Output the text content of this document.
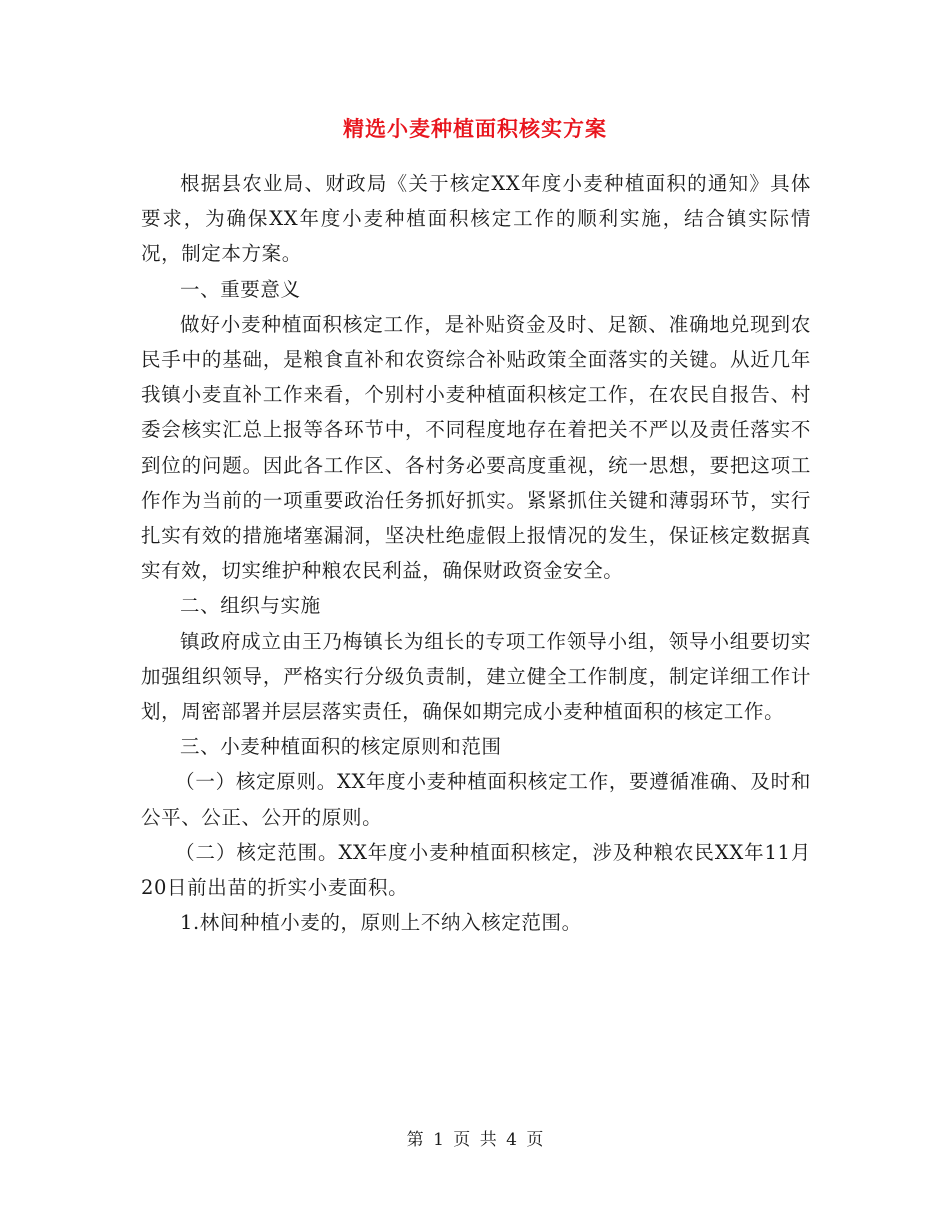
精选小麦种植面积核实方案

根据县农业局、财政局《关于核定XX年度小麦种植面积的通知》具体要求，为确保XX年度小麦种植面积核定工作的顺利实施，结合镇实际情况，制定本方案。

一、重要意义

做好小麦种植面积核定工作，是补贴资金及时、足额、准确地兑现到农民手中的基础，是粮食直补和农资综合补贴政策全面落实的关键。从近几年我镇小麦直补工作来看，个别村小麦种植面积核定工作，在农民自报告、村委会核实汇总上报等各环节中，不同程度地存在着把关不严以及责任落实不到位的问题。因此各工作区、各村务必要高度重视，统一思想，要把这项工作作为当前的一项重要政治任务抓好抓实。紧紧抓住关键和薄弱环节，实行扎实有效的措施堵塞漏洞，坚决杜绝虚假上报情况的发生，保证核定数据真实有效，切实维护种粮农民利益，确保财政资金安全。

二、组织与实施

镇政府成立由王乃梅镇长为组长的专项工作领导小组，领导小组要切实加强组织领导，严格实行分级负责制，建立健全工作制度，制定详细工作计划，周密部署并层层落实责任，确保如期完成小麦种植面积的核定工作。

三、小麦种植面积的核定原则和范围

（一）核定原则。XX年度小麦种植面积核定工作，要遵循准确、及时和公平、公正、公开的原则。

（二）核定范围。XX年度小麦种植面积核定，涉及种粮农民XX年11月20日前出苗的折实小麦面积。

1.林间种植小麦的，原则上不纳入核定范围。

第 1 页 共 4 页
